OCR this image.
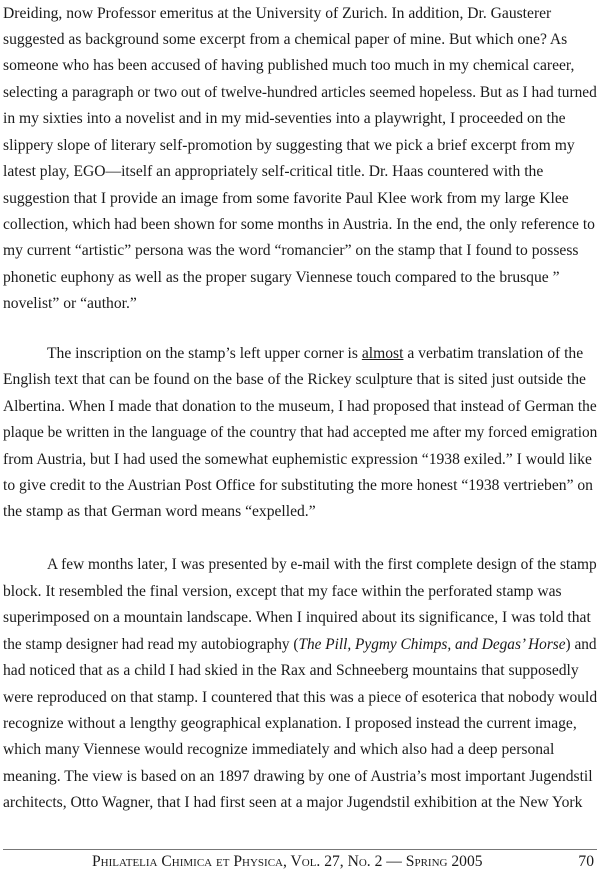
Dreiding, now Professor emeritus at the University of Zurich. In addition, Dr. Gausterer
suggested as background some excerpt from a chemical paper of mine. But which one? As
someone who has been accused of having published much too much in my chemical career,
selecting a paragraph or two out of twelve-hundred articles seemed hopeless. But as I had turned
in my sixties into a novelist and in my mid-seventies into a playwright, I proceeded on the
slippery slope of literary self-promotion by suggesting that we pick a brief excerpt from my
latest play, EGO—itself an appropriately self-critical title. Dr. Haas countered with the
suggestion that I provide an image from some favorite Paul Klee work from my large Klee
collection, which had been shown for some months in Austria. In the end, the only reference to
my current “artistic” persona was the word “romancier” on the stamp that I found to possess
phonetic euphony as well as the proper sugary Viennese touch compared to the brusque ”
novelist” or “author.”
The inscription on the stamp’s left upper corner is almost a verbatim translation of the
English text that can be found on the base of the Rickey sculpture that is sited just outside the
Albertina. When I made that donation to the museum, I had proposed that instead of German the
plaque be written in the language of the country that had accepted me after my forced emigration
from Austria, but I had used the somewhat euphemistic expression “1938 exiled.” I would like
to give credit to the Austrian Post Office for substituting the more honest “1938 vertrieben” on
the stamp as that German word means “expelled.”
A few months later, I was presented by e-mail with the first complete design of the stamp
block. It resembled the final version, except that my face within the perforated stamp was
superimposed on a mountain landscape. When I inquired about its significance, I was told that
the stamp designer had read my autobiography (The Pill, Pygmy Chimps, and Degas’ Horse) and
had noticed that as a child I had skied in the Rax and Schneeberg mountains that supposedly
were reproduced on that stamp. I countered that this was a piece of esoterica that nobody would
recognize without a lengthy geographical explanation. I proposed instead the current image,
which many Viennese would recognize immediately and which also had a deep personal
meaning. The view is based on an 1897 drawing by one of Austria’s most important Jugendstil
architects, Otto Wagner, that I had first seen at a major Jugendstil exhibition at the New York
Philatelia Chimica et Physica, Vol. 27, No. 2 — Spring 2005	70
